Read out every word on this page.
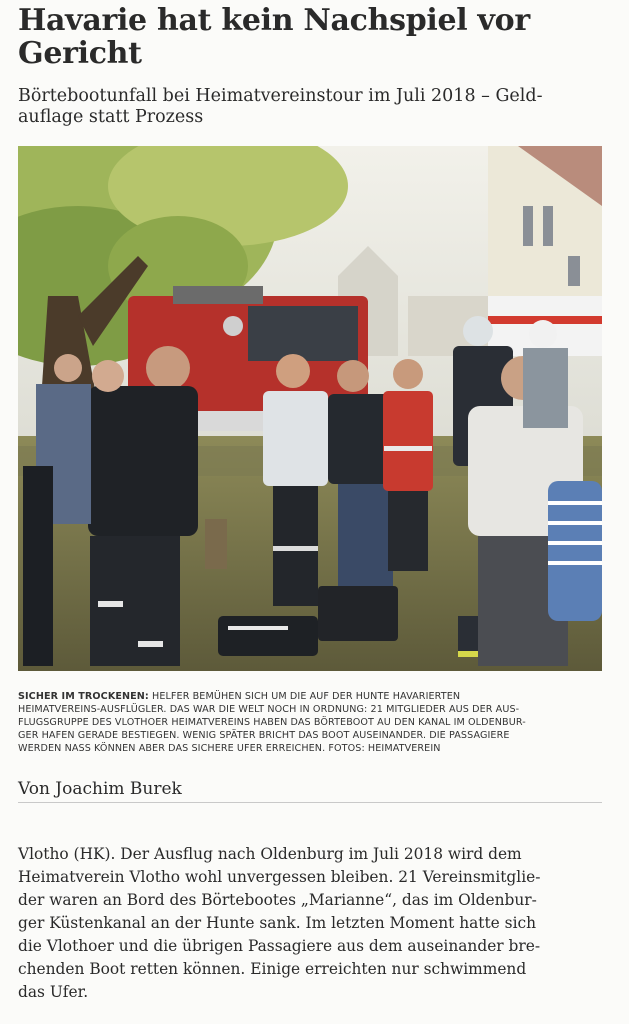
Havarie hat kein Nachspiel vor
Gericht
Börtebootunfall bei Heimatvereinstour im Juli 2018 – Geld-
auflage statt Prozess
SICHER IM TROCKENEN: HELFER BEMÜHEN SICH UM DIE AUF DER HUNTE HAVARIERTEN
HEIMATVEREINS-AUSFLÜGLER. DAS WAR DIE WELT NOCH IN ORDNUNG: 21 MITGLIEDER AUS DER AUS-
FLUGSGRUPPE DES VLOTHOER HEIMATVEREINS HABEN DAS BÖRTEBOOT AU DEN KANAL IM OLDENBUR-
GER HAFEN GERADE BESTIEGEN. WENIG SPÄTER BRICHT DAS BOOT AUSEINANDER. DIE PASSAGIERE
WERDEN NASS KÖNNEN ABER DAS SICHERE UFER ERREICHEN. FOTOS: HEIMATVEREIN
Von Joachim Burek
Vlotho (HK). Der Ausflug nach Oldenburg im Juli 2018 wird dem
Heimatverein Vlotho wohl unvergessen bleiben. 21 Vereinsmitglie-
der waren an Bord des Börtebootes „Marianne“, das im Oldenbur-
ger Küstenkanal an der Hunte sank. Im letzten Moment hatte sich
die Vlothoer und die übrigen Passagiere aus dem auseinander bre-
chenden Boot retten können. Einige erreichten nur schwimmend
das Ufer.
